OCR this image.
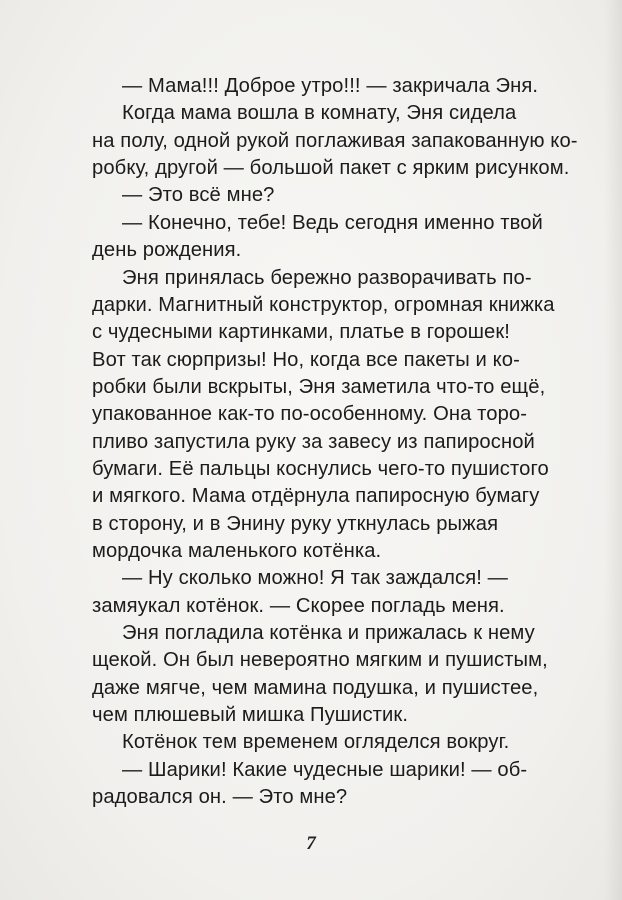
— Мама!!! Доброе утро!!! — закричала Эня.
Когда мама вошла в комнату, Эня сидела
на полу, одной рукой поглаживая запакованную ко-
робку, другой — большой пакет с ярким рисунком.
— Это всё мне?
— Конечно, тебе! Ведь сегодня именно твой
день рождения.
Эня принялась бережно разворачивать по-
дарки. Магнитный конструктор, огромная книжка
с чудесными картинками, платье в горошек!
Вот так сюрпризы! Но, когда все пакеты и ко-
робки были вскрыты, Эня заметила что-то ещё,
упакованное как-то по-особенному. Она торо-
пливо запустила руку за завесу из папиросной
бумаги. Её пальцы коснулись чего-то пушистого
и мягкого. Мама отдёрнула папиросную бумагу
в сторону, и в Энину руку уткнулась рыжая
мордочка маленького котёнка.
— Ну сколько можно! Я так заждался! —
замяукал котёнок. — Скорее погладь меня.
Эня погладила котёнка и прижалась к нему
щекой. Он был невероятно мягким и пушистым,
даже мягче, чем мамина подушка, и пушистее,
чем плюшевый мишка Пушистик.
Котёнок тем временем огляделся вокруг.
— Шарики! Какие чудесные шарики! — об-
радовался он. — Это мне?
7
